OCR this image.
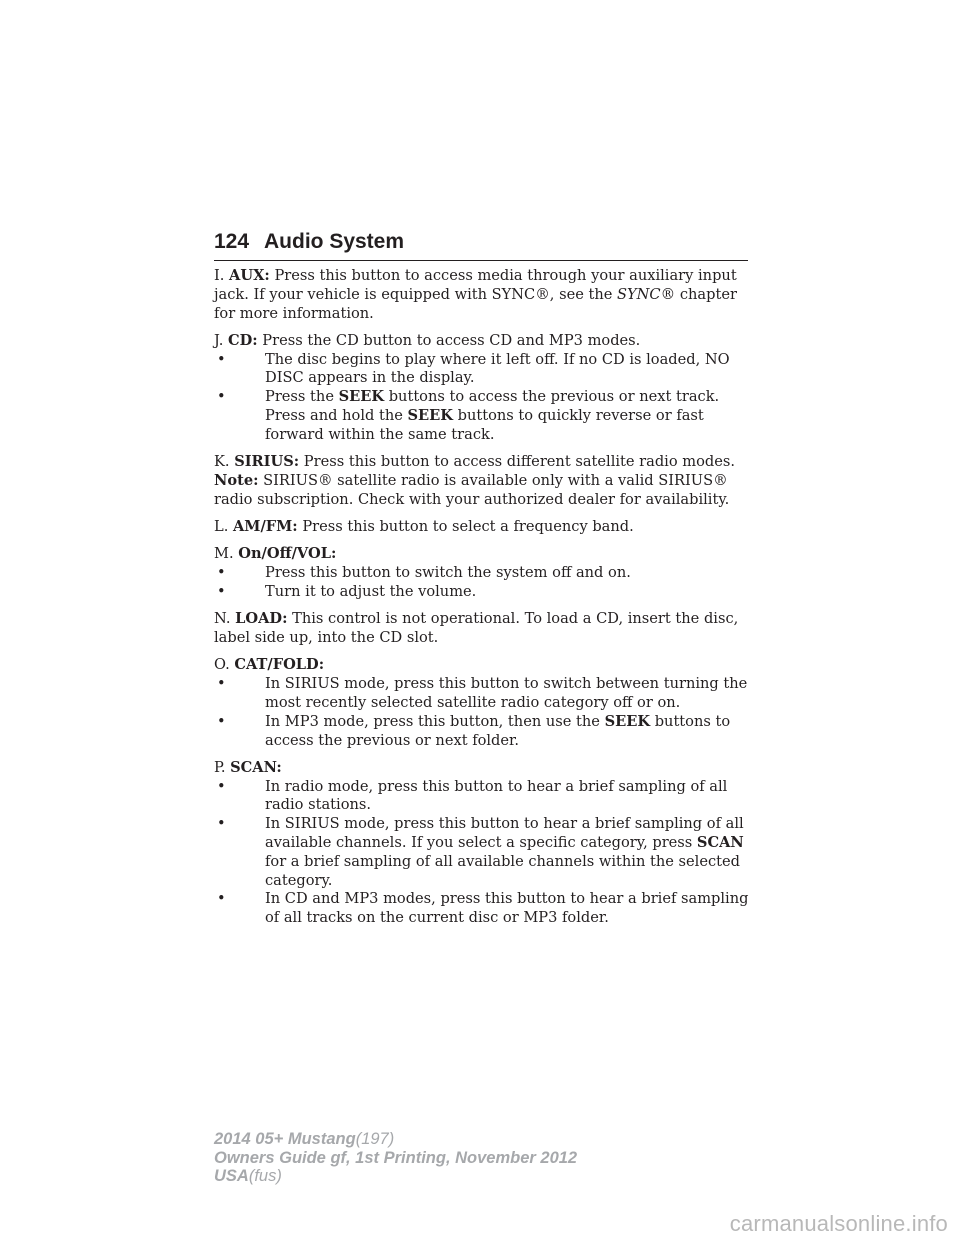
124 Audio System

I. AUX: Press this button to access media through your auxiliary input jack. If your vehicle is equipped with SYNC®, see the SYNC® chapter for more information.

J. CD: Press the CD button to access CD and MP3 modes.

•	The disc begins to play where it left off. If no CD is loaded, NO DISC appears in the display.
•	Press the SEEK buttons to access the previous or next track. Press and hold the SEEK buttons to quickly reverse or fast forward within the same track.

K. SIRIUS: Press this button to access different satellite radio modes.

Note: SIRIUS® satellite radio is available only with a valid SIRIUS® radio subscription. Check with your authorized dealer for availability.

L. AM/FM: Press this button to select a frequency band.

M. On/Off/VOL:

•	Press this button to switch the system off and on.
•	Turn it to adjust the volume.

N. LOAD: This control is not operational. To load a CD, insert the disc, label side up, into the CD slot.

O. CAT/FOLD:

•	In SIRIUS mode, press this button to switch between turning the most recently selected satellite radio category off or on.
•	In MP3 mode, press this button, then use the SEEK buttons to access the previous or next folder.

P. SCAN:

•	In radio mode, press this button to hear a brief sampling of all radio stations.
•	In SIRIUS mode, press this button to hear a brief sampling of all available channels. If you select a specific category, press SCAN for a brief sampling of all available channels within the selected category.
•	In CD and MP3 modes, press this button to hear a brief sampling of all tracks on the current disc or MP3 folder.
2014 05+ Mustang(197)
Owners Guide gf, 1st Printing, November 2012
USA(fus)
carmanualsonline.info
